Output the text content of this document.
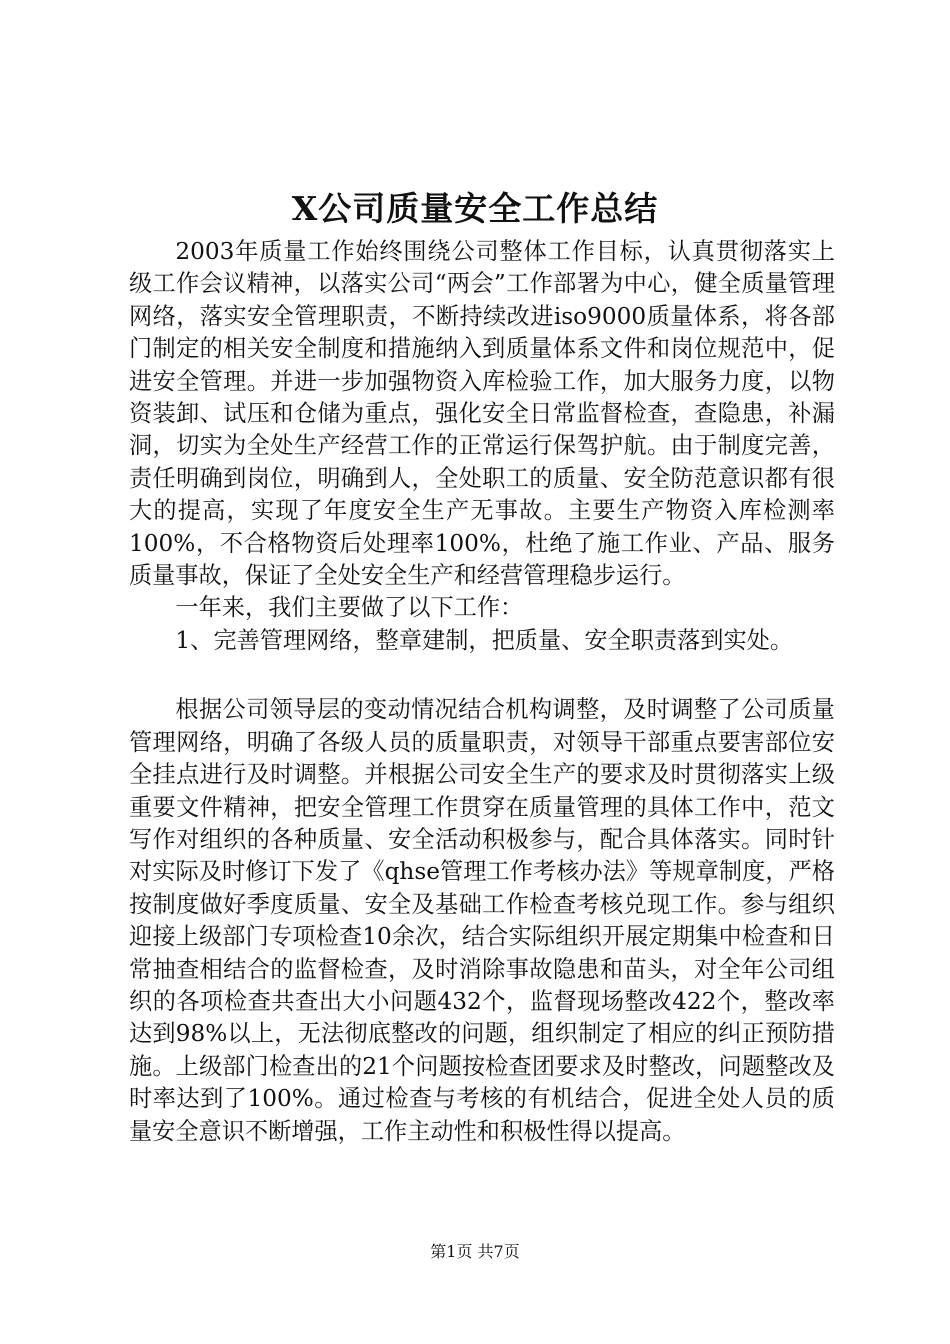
X公司质量安全工作总结

2003年质量工作始终围绕公司整体工作目标，认真贯彻落实上级工作会议精神，以落实公司“两会”工作部署为中心，健全质量管理网络，落实安全管理职责，不断持续改进iso9000质量体系，将各部门制定的相关安全制度和措施纳入到质量体系文件和岗位规范中，促进安全管理。并进一步加强物资入库检验工作，加大服务力度，以物资装卸、试压和仓储为重点，强化安全日常监督检查，查隐患，补漏洞，切实为全处生产经营工作的正常运行保驾护航。由于制度完善，责任明确到岗位，明确到人，全处职工的质量、安全防范意识都有很大的提高，实现了年度安全生产无事故。主要生产物资入库检测率100%，不合格物资后处理率100%，杜绝了施工作业、产品、服务质量事故，保证了全处安全生产和经营管理稳步运行。

一年来，我们主要做了以下工作：

1、完善管理网络，整章建制，把质量、安全职责落到实处。

根据公司领导层的变动情况结合机构调整，及时调整了公司质量管理网络，明确了各级人员的质量职责，对领导干部重点要害部位安全挂点进行及时调整。并根据公司安全生产的要求及时贯彻落实上级重要文件精神，把安全管理工作贯穿在质量管理的具体工作中，范文写作对组织的各种质量、安全活动积极参与，配合具体落实。同时针对实际及时修订下发了《qhse管理工作考核办法》等规章制度，严格按制度做好季度质量、安全及基础工作检查考核兑现工作。参与组织迎接上级部门专项检查10余次，结合实际组织开展定期集中检查和日常抽查相结合的监督检查，及时消除事故隐患和苗头，对全年公司组织的各项检查共查出大小问题432个，监督现场整改422个，整改率达到98%以上，无法彻底整改的问题，组织制定了相应的纠正预防措施。上级部门检查出的21个问题按检查团要求及时整改，问题整改及时率达到了100%。通过检查与考核的有机结合，促进全处人员的质量安全意识不断增强，工作主动性和积极性得以提高。

第1页 共7页
